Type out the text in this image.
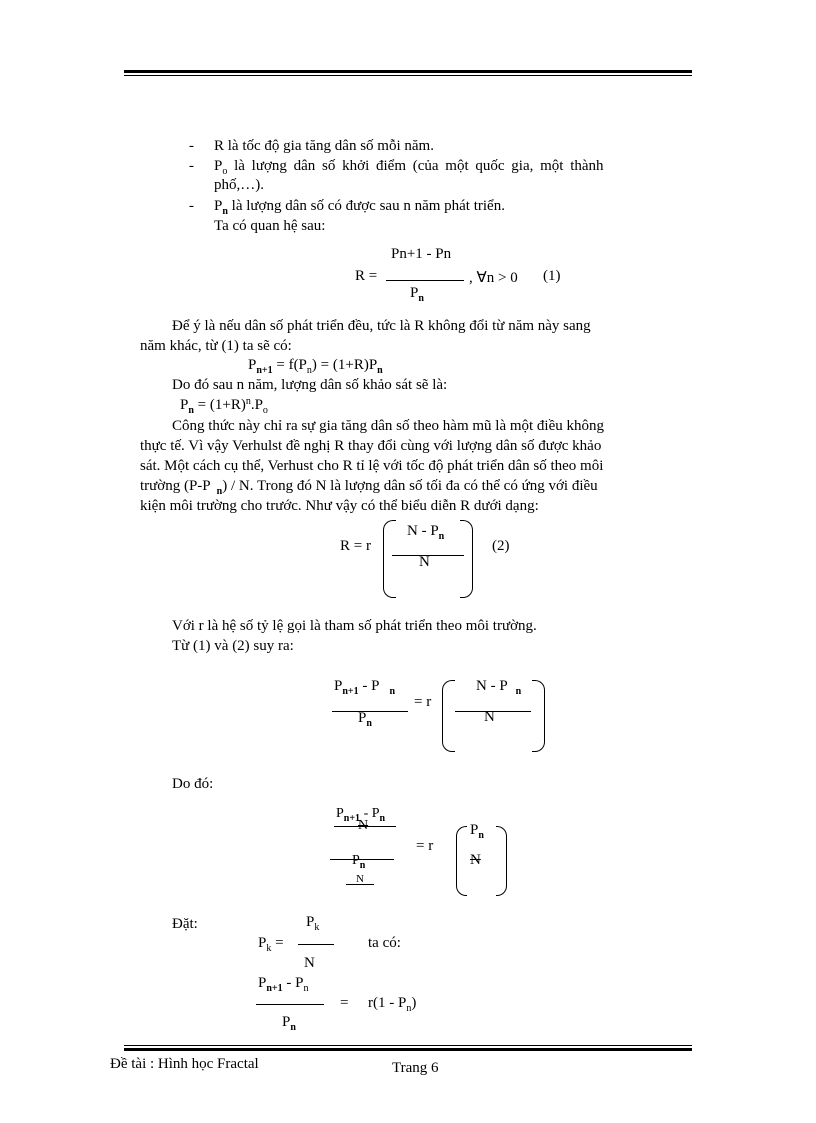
- R là tốc độ gia tăng dân số mỗi năm.
- $P_o$ là lượng dân số khởi điểm (của một quốc gia, một thành
phố,…).
- $P_n$ là lượng dân số có được sau n năm phát triển.
Ta có quan hệ sau:
R =
Pn+1 - Pn
$P_n$
, ∀n > 0 (1)
Để ý là nếu dân số phát triển đều, tức là R không đổi từ năm này sang
năm khác, từ (1) ta sẽ có:
$P_{n+1} = f(P_n) = (1+R)P_n$
Do đó sau n năm, lượng dân số khảo sát sẽ là:
$P_n = (1+R)^n.P_o$
Công thức này chỉ ra sự gia tăng dân số theo hàm mũ là một điều không
thực tế. Vì vậy Verhulst đề nghị R thay đổi cùng với lượng dân số được khảo
sát. Một cách cụ thể, Verhust cho R tỉ lệ với tốc độ phát triển dân số theo môi
trường (P-P $_n$) / N. Trong đó N là lượng dân số tối đa có thể có ứng với điều
kiện môi trường cho trước. Như vậy có thể biểu diễn R dưới dạng:
R = r
N - $P_n$
N
(2)
Với r là hệ số tỷ lệ gọi là tham số phát triển theo môi trường.
Từ (1) và (2) suy ra:
$P_{n+1}$ - P $_n$
$P_n$
= r
N - P $_n$
N
Do đó:
$P_{n+1} - P_n$
N
$P_n$
N
= r
$P_n$
N
Đặt:
$P_k$ =
$P_k$
N
ta có:
$P_{n+1} - P_n$
$P_n$
= $r(1 - P_n)$
Đề tài : Hình học Fractal	Trang 6
